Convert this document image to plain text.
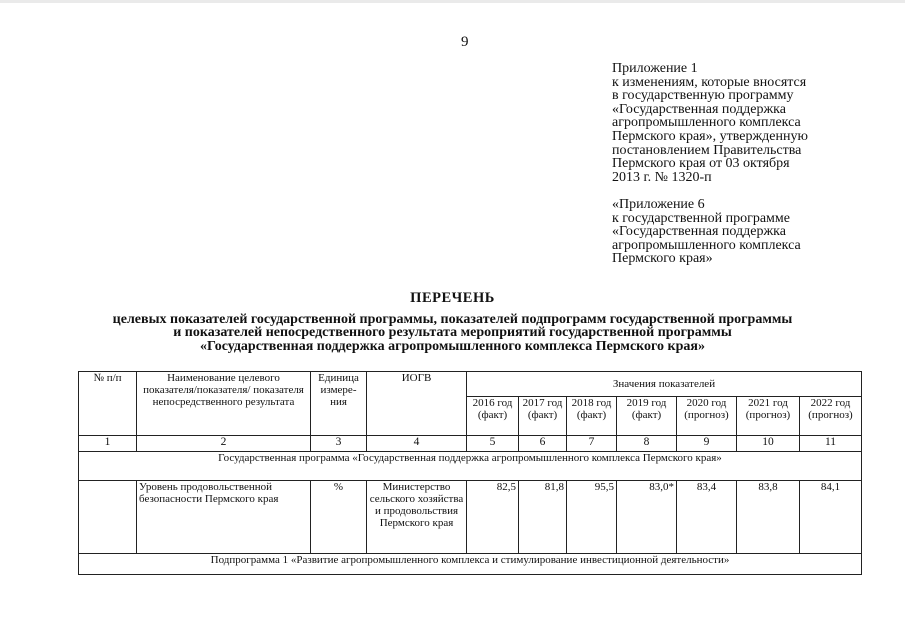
9
Приложение 1
к изменениям, которые вносятся
в государственную программу
«Государственная поддержка
агропромышленного комплекса
Пермского края», утвержденную
постановлением Правительства
Пермского края от 03 октября
2013 г. № 1320-п
«Приложение 6
к государственной программе
«Государственная поддержка
агропромышленного комплекса
Пермского края»
ПЕРЕЧЕНЬ
целевых показателей государственной программы, показателей подпрограмм государственной программы
и показателей непосредственного результата мероприятий государственной программы
«Государственная поддержка агропромышленного комплекса Пермского края»
№ п/п	Наименование целевого показателя/показателя/ показателя непосредственного результата	Единица измере- ния	ИОГВ	Значения показателей						
				2016 год (факт)	2017 год (факт)	2018 год (факт)	2019 год (факт)	2020 год (прогноз)	2021 год (прогноз)	2022 год (прогноз)
1	2	3	4	5	6	7	8	9	10	11
Государственная программа «Государственная поддержка агропромышленного комплекса Пермского края»										
	Уровень продовольственной безопасности Пермского края	%	Министерство сельского хозяйства и продовольствия Пермского края	82,5	81,8	95,5	83,0*	83,4	83,8	84,1
Подпрограмма 1 «Развитие агропромышленного комплекса и стимулирование инвестиционной деятельности»										
